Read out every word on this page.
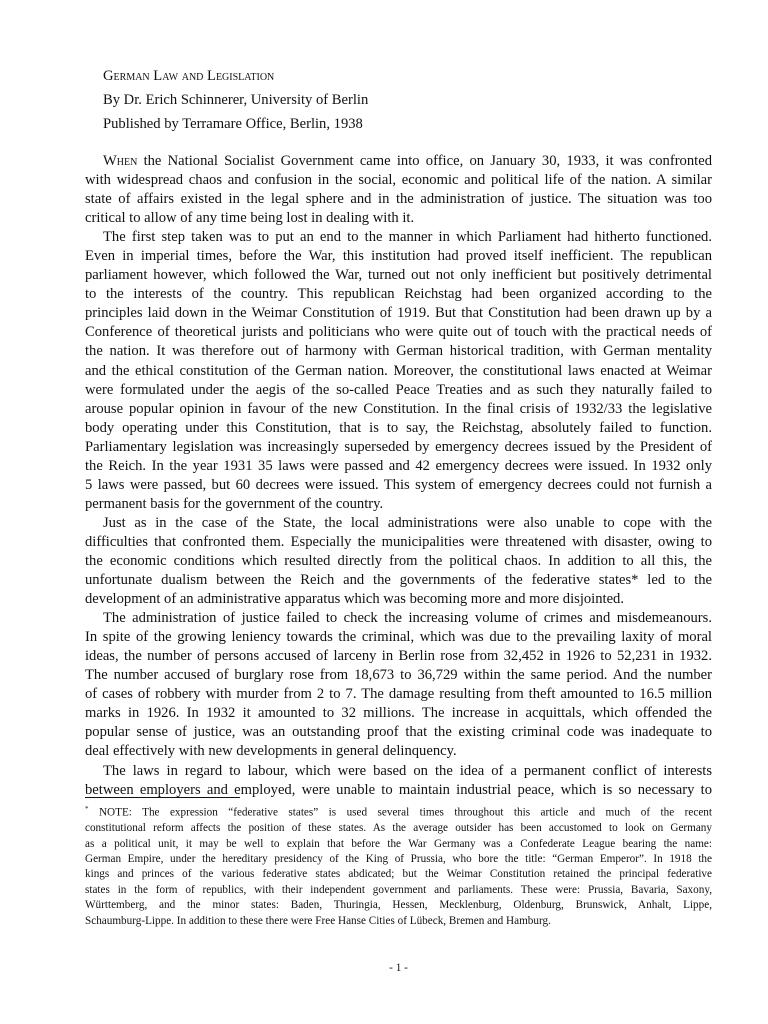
German Law and Legislation
By Dr. Erich Schinnerer, University of Berlin
Published by Terramare Office, Berlin, 1938
When the National Socialist Government came into office, on January 30, 1933, it was confronted
with widespread chaos and confusion in the social, economic and political life of the nation. A similar
state of affairs existed in the legal sphere and in the administration of justice. The situation was too
critical to allow of any time being lost in dealing with it.
The first step taken was to put an end to the manner in which Parliament had hitherto functioned.
Even in imperial times, before the War, this institution had proved itself inefficient. The republican
parliament however, which followed the War, turned out not only inefficient but positively detrimental
to the interests of the country. This republican Reichstag had been organized according to the
principles laid down in the Weimar Constitution of 1919. But that Constitution had been drawn up by a
Conference of theoretical jurists and politicians who were quite out of touch with the practical needs of
the nation. It was therefore out of harmony with German historical tradition, with German mentality
and the ethical constitution of the German nation. Moreover, the constitutional laws enacted at Weimar
were formulated under the aegis of the so-called Peace Treaties and as such they naturally failed to
arouse popular opinion in favour of the new Constitution. In the final crisis of 1932/33 the legislative
body operating under this Constitution, that is to say, the Reichstag, absolutely failed to function.
Parliamentary legislation was increasingly superseded by emergency decrees issued by the President of
the Reich. In the year 1931 35 laws were passed and 42 emergency decrees were issued. In 1932 only
5 laws were passed, but 60 decrees were issued. This system of emergency decrees could not furnish a
permanent basis for the government of the country.
Just as in the case of the State, the local administrations were also unable to cope with the
difficulties that confronted them. Especially the municipalities were threatened with disaster, owing to
the economic conditions which resulted directly from the political chaos. In addition to all this, the
unfortunate dualism between the Reich and the governments of the federative states* led to the
development of an administrative apparatus which was becoming more and more disjointed.
The administration of justice failed to check the increasing volume of crimes and misdemeanours.
In spite of the growing leniency towards the criminal, which was due to the prevailing laxity of moral
ideas, the number of persons accused of larceny in Berlin rose from 32,452 in 1926 to 52,231 in 1932.
The number accused of burglary rose from 18,673 to 36,729 within the same period. And the number
of cases of robbery with murder from 2 to 7. The damage resulting from theft amounted to 16.5 million
marks in 1926. In 1932 it amounted to 32 millions. The increase in acquittals, which offended the
popular sense of justice, was an outstanding proof that the existing criminal code was inadequate to
deal effectively with new developments in general delinquency.
The laws in regard to labour, which were based on the idea of a permanent conflict of interests
between employers and employed, were unable to maintain industrial peace, which is so necessary to
* NOTE: The expression “federative states” is used several times throughout this article and much of the recent
constitutional reform affects the position of these states. As the average outsider has been accustomed to look on Germany
as a political unit, it may be well to explain that before the War Germany was a Confederate League bearing the name:
German Empire, under the hereditary presidency of the King of Prussia, who bore the title: “German Emperor”. In 1918 the
kings and princes of the various federative states abdicated; but the Weimar Constitution retained the principal federative
states in the form of republics, with their independent government and parliaments. These were: Prussia, Bavaria, Saxony,
Württemberg, and the minor states: Baden, Thuringia, Hessen, Mecklenburg, Oldenburg, Brunswick, Anhalt, Lippe,
Schaumburg-Lippe. In addition to these there were Free Hanse Cities of Lübeck, Bremen and Hamburg.
- 1 -
